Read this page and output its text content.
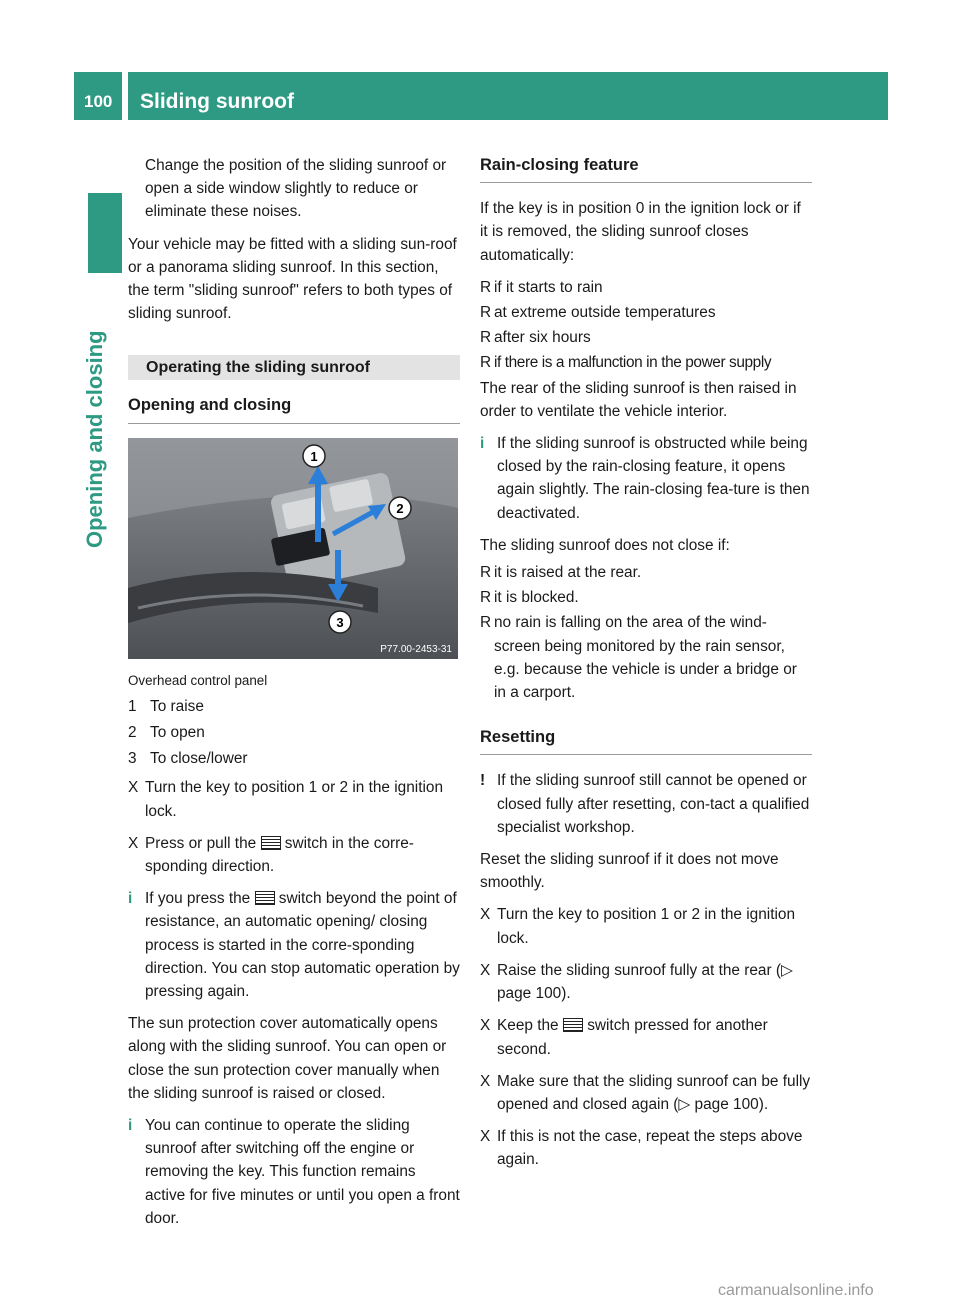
100 Sliding sunroof
Opening and closing

Change the position of the sliding sunroof or open a side window slightly to reduce or eliminate these noises.

Your vehicle may be fitted with a sliding sun-roof or a panorama sliding sunroof. In this section, the term "sliding sunroof" refers to both types of sliding sunroof.

Operating the sliding sunroof
Opening and closing
1
2
3
P77.00-2453-31
Overhead control panel
1 To raise
2 To open
3 To close/lower
X Turn the key to position 1 or 2 in the ignition lock.
X Press or pull the switch in the corre-sponding direction.
i If you press the switch beyond the point of resistance, an automatic opening/ closing process is started in the corre-sponding direction. You can stop automatic operation by pressing again.

The sun protection cover automatically opens along with the sliding sunroof. You can open or close the sun protection cover manually when the sliding sunroof is raised or closed.

i You can continue to operate the sliding sunroof after switching off the engine or removing the key. This function remains active for five minutes or until you open a front door.
Rain-closing feature

If the key is in position 0 in the ignition lock or if it is removed, the sliding sunroof closes automatically:

R if it starts to rain
R at extreme outside temperatures
R after six hours
R if there is a malfunction in the power supply

The rear of the sliding sunroof is then raised in order to ventilate the vehicle interior.

i If the sliding sunroof is obstructed while being closed by the rain-closing feature, it opens again slightly. The rain-closing fea-ture is then deactivated.

The sliding sunroof does not close if:

R it is raised at the rear.
R it is blocked.
R no rain is falling on the area of the wind-screen being monitored by the rain sensor, e.g. because the vehicle is under a bridge or in a carport.
Resetting
! If the sliding sunroof still cannot be opened or closed fully after resetting, con-tact a qualified specialist workshop.

Reset the sliding sunroof if it does not move smoothly.

X Turn the key to position 1 or 2 in the ignition lock.
X Raise the sliding sunroof fully at the rear (▷ page 100).
X Keep the switch pressed for another second.
X Make sure that the sliding sunroof can be fully opened and closed again (▷ page 100).
X If this is not the case, repeat the steps above again.
carmanualsonline.info
